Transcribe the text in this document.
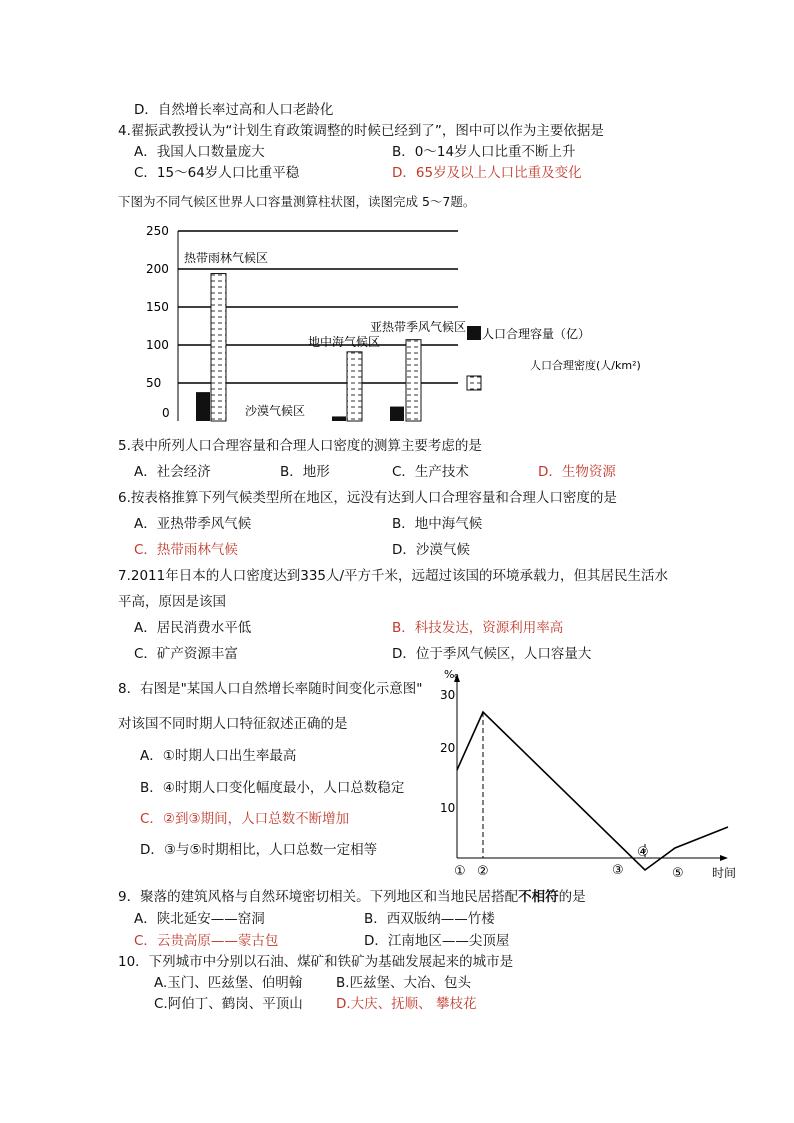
D．自然增长率过高和人口老龄化
4.翟振武教授认为“计划生育政策调整的时候已经到了”，图中可以作为主要依据是
A．我国人口数量庞大	B．0～14岁人口比重不断上升
C．15～64岁人口比重平稳	D．65岁及以上人口比重及变化
下图为不同气候区世界人口容量测算柱状图，读图完成 5～7题。
250
200
150
100
50
0
热带雨林气候区
沙漠气候区
地中海气候区
亚热带季风气候区 人口合理容量（亿）
人口合理密度(人/km²)
5.表中所列人口合理容量和合理人口密度的测算主要考虑的是
A．社会经济	B．地形	C．生产技术	D．生物资源
6.按表格推算下列气候类型所在地区，远没有达到人口合理容量和合理人口密度的是
A．亚热带季风气候	B．地中海气候
C．热带雨林气候	D．沙漠气候
7.2011年日本的人口密度达到335人/平方千米，远超过该国的环境承载力，但其居民生活水
平高，原因是该国
A．居民消费水平低	B．科技发达，资源利用率高
C．矿产资源丰富	D．位于季风气候区，人口容量大
8．右图是"某国人口自然增长率随时间变化示意图"
对该国不同时期人口特征叙述正确的是
A．①时期人口出生率最高
B．④时期人口变化幅度最小，人口总数稳定
C．②到③期间，人口总数不断增加
D．③与⑤时期相比，人口总数一定相等
‰
30
20
10
① ②	③
④
⑤ 时间
9．聚落的建筑风格与自然环境密切相关。下列地区和当地民居搭配不相符的是
A．陕北延安——窑洞	B．西双版纳——竹楼
C．云贵高原——蒙古包	D．江南地区——尖顶屋
10．下列城市中分别以石油、煤矿和铁矿为基础发展起来的城市是
A.玉门、匹兹堡、伯明翰 B.匹兹堡、大冶、包头
C.阿伯丁、鹤岗、平顶山 D.大庆、抚顺、 攀枝花
